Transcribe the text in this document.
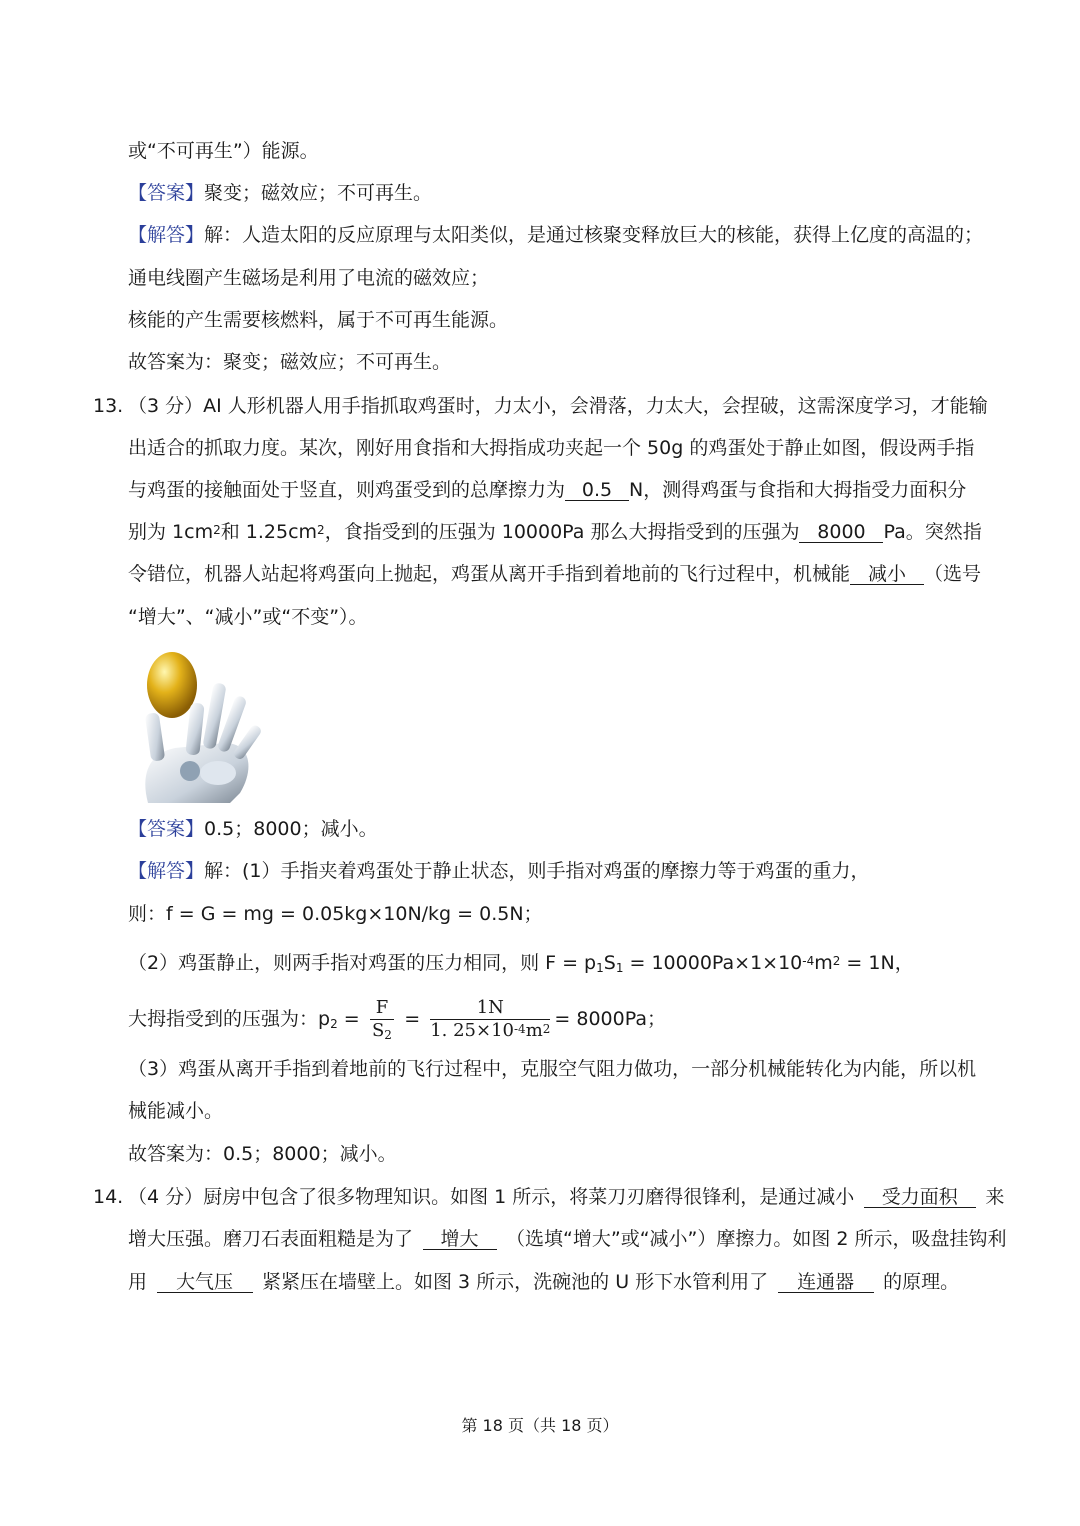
或“不可再生”）能源。
【答案】聚变；磁效应；不可再生。
【解答】解：人造太阳的反应原理与太阳类似，是通过核聚变释放巨大的核能，获得上亿度的高温的；
通电线圈产生磁场是利用了电流的磁效应；
核能的产生需要核燃料，属于不可再生能源。
故答案为：聚变；磁效应；不可再生。
13. （3 分）AI 人形机器人用手指抓取鸡蛋时，力太小，会滑落，力太大，会捏破，这需深度学习，才能输
出适合的抓取力度。某次，刚好用食指和大拇指成功夹起一个 50g 的鸡蛋处于静止如图，假设两手指
与鸡蛋的接触面处于竖直，则鸡蛋受到的总摩擦力为 0.5 N，测得鸡蛋与食指和大拇指受力面积分
别为 $1cm^2$和 $1.25cm^2$，食指受到的压强为 10000Pa 那么大拇指受到的压强为 8000 Pa。突然指
令错位，机器人站起将鸡蛋向上抛起，鸡蛋从离开手指到着地前的飞行过程中，机械能 减小 （选号
“增大”、“减小”或“不变”）。
【答案】0.5；8000；减小。
【解答】解：(1）手指夹着鸡蛋处于静止状态，则手指对鸡蛋的摩擦力等于鸡蛋的重力，
则：f = G = mg = 0.05kg×10N/kg = 0.5N；
（2）鸡蛋静止，则两手指对鸡蛋的压力相同，则 $F = p_1S_1 = 10000Pa\times 1\times 10^{-4}m^2 = 1N$，
大拇指受到的压强为：$p_2 = \frac{F}{S_2} = \frac{1N}{1. 25\times 10^{-4}m^2} = 8000Pa$；
（3）鸡蛋从离开手指到着地前的飞行过程中，克服空气阻力做功，一部分机械能转化为内能，所以机
械能减小。
故答案为：0.5；8000；减小。
14. （4 分）厨房中包含了很多物理知识。如图 1 所示，将菜刀刃磨得很锋利，是通过减小  受力面积  来
增大压强。磨刀石表面粗糙是为了  增大  （选填“增大”或“减小”）摩擦力。如图 2 所示，吸盘挂钩利
用  大气压  紧紧压在墙壁上。如图 3 所示，洗碗池的 U 形下水管利用了  连通器  的原理。
第 18 页（共 18 页）
